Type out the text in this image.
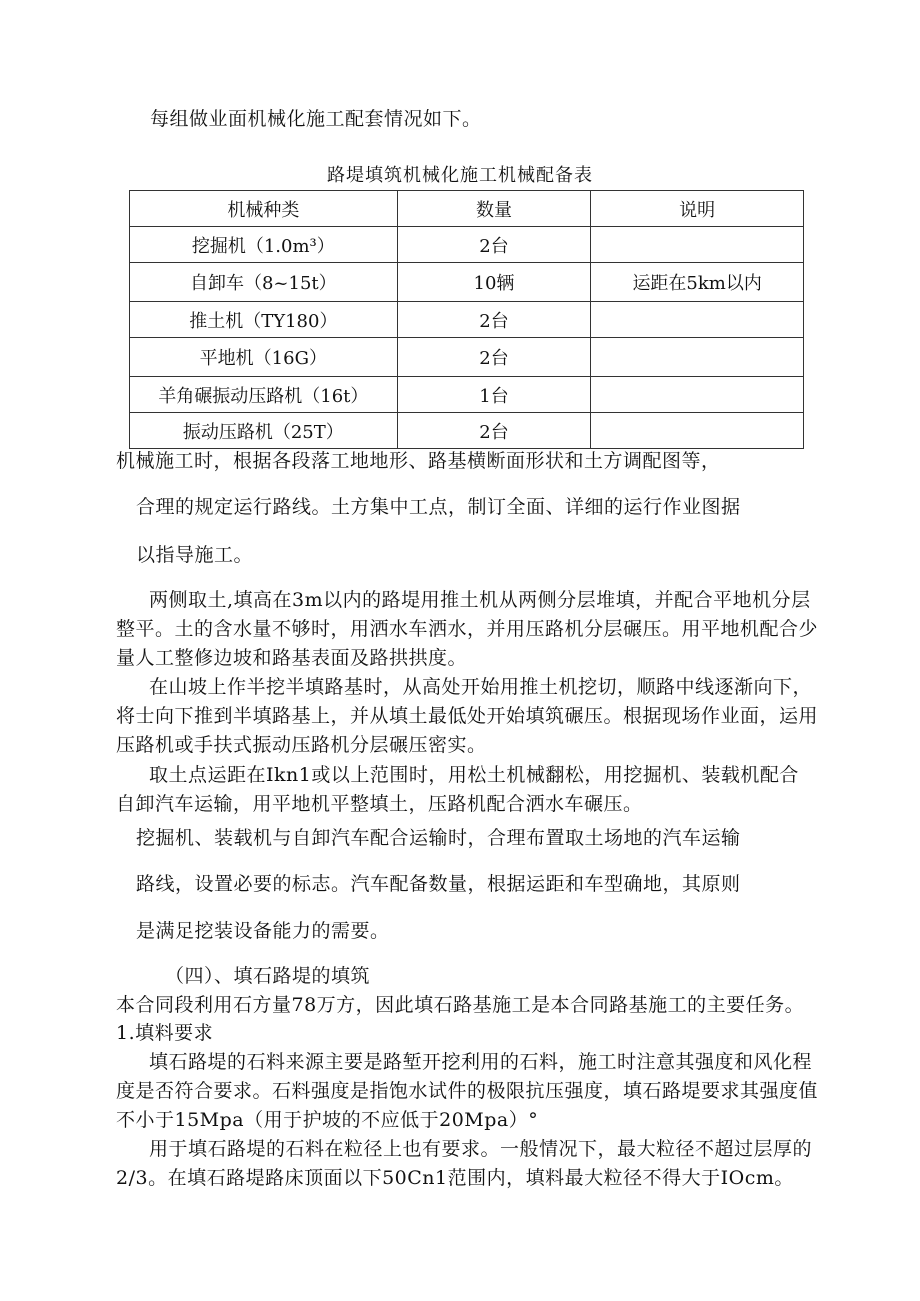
每组做业面机械化施工配套情况如下。
路堤填筑机械化施工机械配备表
机械种类	数量	说明
挖掘机（1.0m³）	2台	
自卸车（8~15t）	10辆	运距在5km以内
推土机（TY180）	2台	
平地机（16G）	2台	
羊角碾振动压路机（16t）	1台	
振动压路机（25T）	2台	
机械施工时，根据各段落工地地形、路基横断面形状和土方调配图等，
合理的规定运行路线。土方集中工点，制订全面、详细的运行作业图据
以指导施工。
两侧取土,填高在3m以内的路堤用推土机从两侧分层堆填，并配合平地机分层
整平。土的含水量不够时，用洒水车洒水，并用压路机分层碾压。用平地机配合少
量人工整修边坡和路基表面及路拱拱度。
在山坡上作半挖半填路基时，从高处开始用推土机挖切，顺路中线逐渐向下，
将士向下推到半填路基上，并从填土最低处开始填筑碾压。根据现场作业面，运用
压路机或手扶式振动压路机分层碾压密实。
取土点运距在Ikn1或以上范围时，用松土机械翻松，用挖掘机、装载机配合
自卸汽车运输，用平地机平整填土，压路机配合洒水车碾压。
挖掘机、装载机与自卸汽车配合运输时，合理布置取土场地的汽车运输
路线，设置必要的标志。汽车配备数量，根据运距和车型确地，其原则
是满足挖装设备能力的需要。
（四）、填石路堤的填筑
本合同段利用石方量78万方，因此填石路基施工是本合同路基施工的主要任务。
1.填料要求
填石路堤的石料来源主要是路堑开挖利用的石料，施工时注意其强度和风化程
度是否符合要求。石料强度是指饱水试件的极限抗压强度，填石路堤要求其强度值
不小于15Mpa（用于护坡的不应低于20Mpa）°
用于填石路堤的石料在粒径上也有要求。一般情况下，最大粒径不超过层厚的
2/3。在填石路堤路床顶面以下50Cn1范围内，填料最大粒径不得大于IOcm。
